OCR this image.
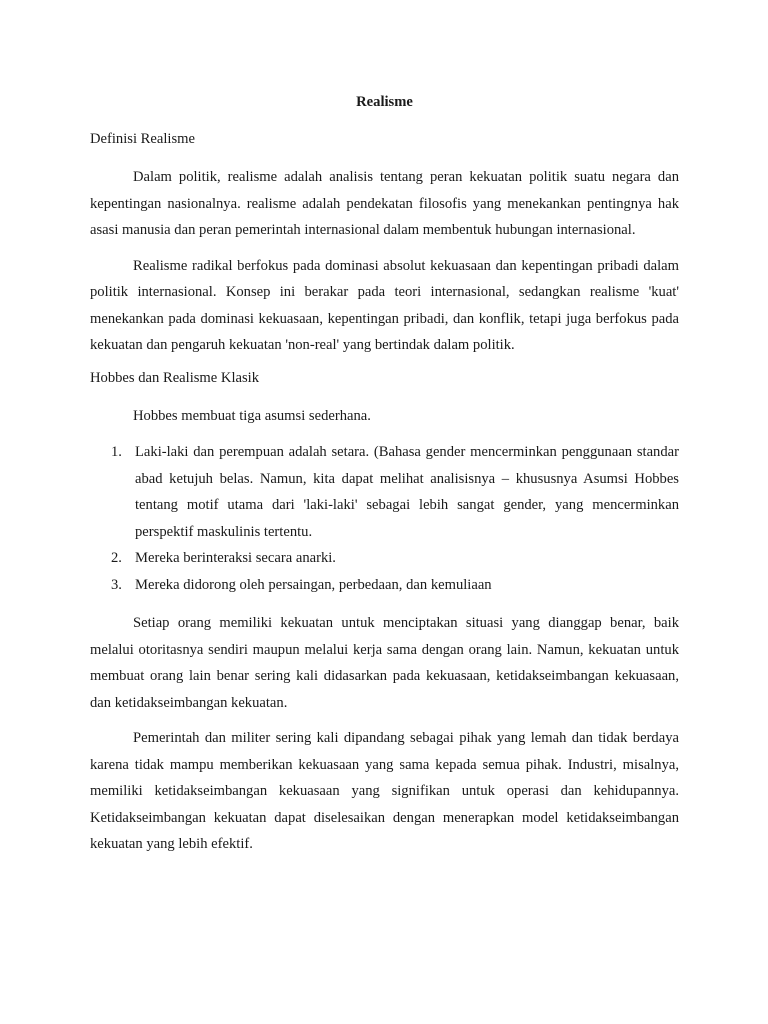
Realisme
Definisi Realisme

Dalam politik, realisme adalah analisis tentang peran kekuatan politik suatu negara dan kepentingan nasionalnya. realisme adalah pendekatan filosofis yang menekankan pentingnya hak asasi manusia dan peran pemerintah internasional dalam membentuk hubungan internasional.

Realisme radikal berfokus pada dominasi absolut kekuasaan dan kepentingan pribadi dalam politik internasional. Konsep ini berakar pada teori internasional, sedangkan realisme 'kuat' menekankan pada dominasi kekuasaan, kepentingan pribadi, dan konflik, tetapi juga berfokus pada kekuatan dan pengaruh kekuatan 'non-real' yang bertindak dalam politik.

Hobbes dan Realisme Klasik

Hobbes membuat tiga asumsi sederhana.

1. Laki-laki dan perempuan adalah setara. (Bahasa gender mencerminkan penggunaan standar abad ketujuh belas. Namun, kita dapat melihat analisisnya – khususnya Asumsi Hobbes tentang motif utama dari 'laki-laki' sebagai lebih sangat gender, yang mencerminkan perspektif maskulinis tertentu.
2. Mereka berinteraksi secara anarki.
3. Mereka didorong oleh persaingan, perbedaan, dan kemuliaan

Setiap orang memiliki kekuatan untuk menciptakan situasi yang dianggap benar, baik melalui otoritasnya sendiri maupun melalui kerja sama dengan orang lain. Namun, kekuatan untuk membuat orang lain benar sering kali didasarkan pada kekuasaan, ketidakseimbangan kekuasaan, dan ketidakseimbangan kekuatan.

Pemerintah dan militer sering kali dipandang sebagai pihak yang lemah dan tidak berdaya karena tidak mampu memberikan kekuasaan yang sama kepada semua pihak. Industri, misalnya, memiliki ketidakseimbangan kekuasaan yang signifikan untuk operasi dan kehidupannya. Ketidakseimbangan kekuatan dapat diselesaikan dengan menerapkan model ketidakseimbangan kekuatan yang lebih efektif.
